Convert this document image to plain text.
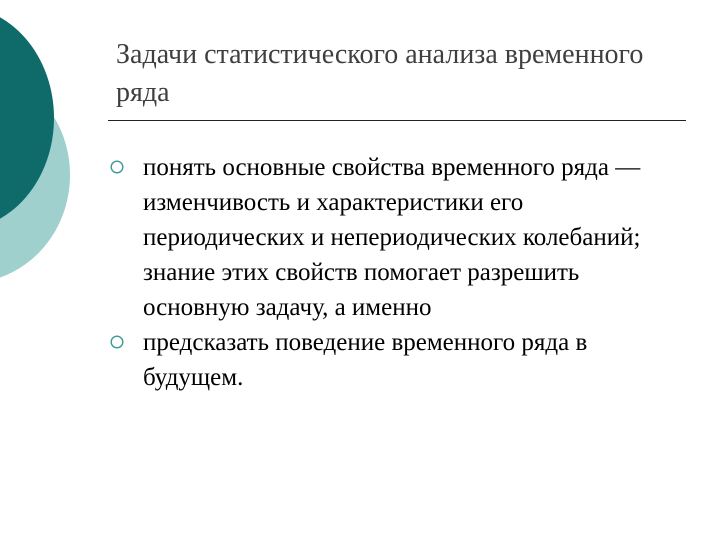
Задачи статистического анализа временного ряда
понять основные свойства временного ряда — изменчивость и характеристики его периодических и непериодических колебаний; знание этих свойств помогает разрешить основную задачу, а именно
предсказать поведение временного ряда в будущем.
